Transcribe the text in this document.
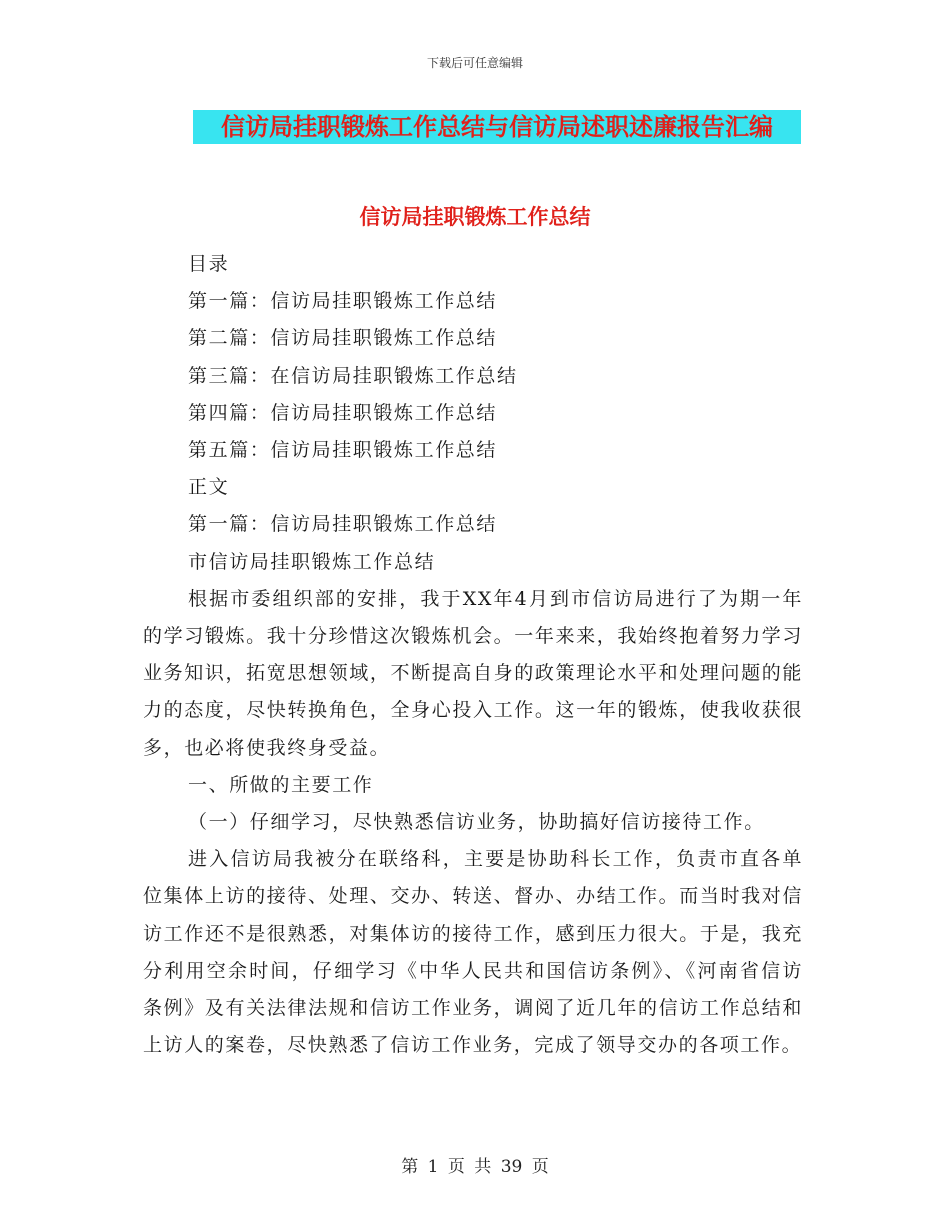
下载后可任意编辑
信访局挂职锻炼工作总结与信访局述职述廉报告汇编
信访局挂职锻炼工作总结

目录

第一篇：信访局挂职锻炼工作总结

第二篇：信访局挂职锻炼工作总结

第三篇：在信访局挂职锻炼工作总结

第四篇：信访局挂职锻炼工作总结

第五篇：信访局挂职锻炼工作总结

正文

第一篇：信访局挂职锻炼工作总结

市信访局挂职锻炼工作总结

根据市委组织部的安排，我于XX年4月到市信访局进行了为期一年的学习锻炼。我十分珍惜这次锻炼机会。一年来来，我始终抱着努力学习业务知识，拓宽思想领域，不断提高自身的政策理论水平和处理问题的能力的态度，尽快转换角色，全身心投入工作。这一年的锻炼，使我收获很多，也必将使我终身受益。

一、所做的主要工作

（一）仔细学习，尽快熟悉信访业务，协助搞好信访接待工作。

进入信访局我被分在联络科，主要是协助科长工作，负责市直各单位集体上访的接待、处理、交办、转送、督办、办结工作。而当时我对信访工作还不是很熟悉，对集体访的接待工作，感到压力很大。于是，我充分利用空余时间，仔细学习《中华人民共和国信访条例》、《河南省信访条例》及有关法律法规和信访工作业务，调阅了近几年的信访工作总结和上访人的案卷，尽快熟悉了信访工作业务，完成了领导交办的各项工作。

第 1 页 共 39 页
